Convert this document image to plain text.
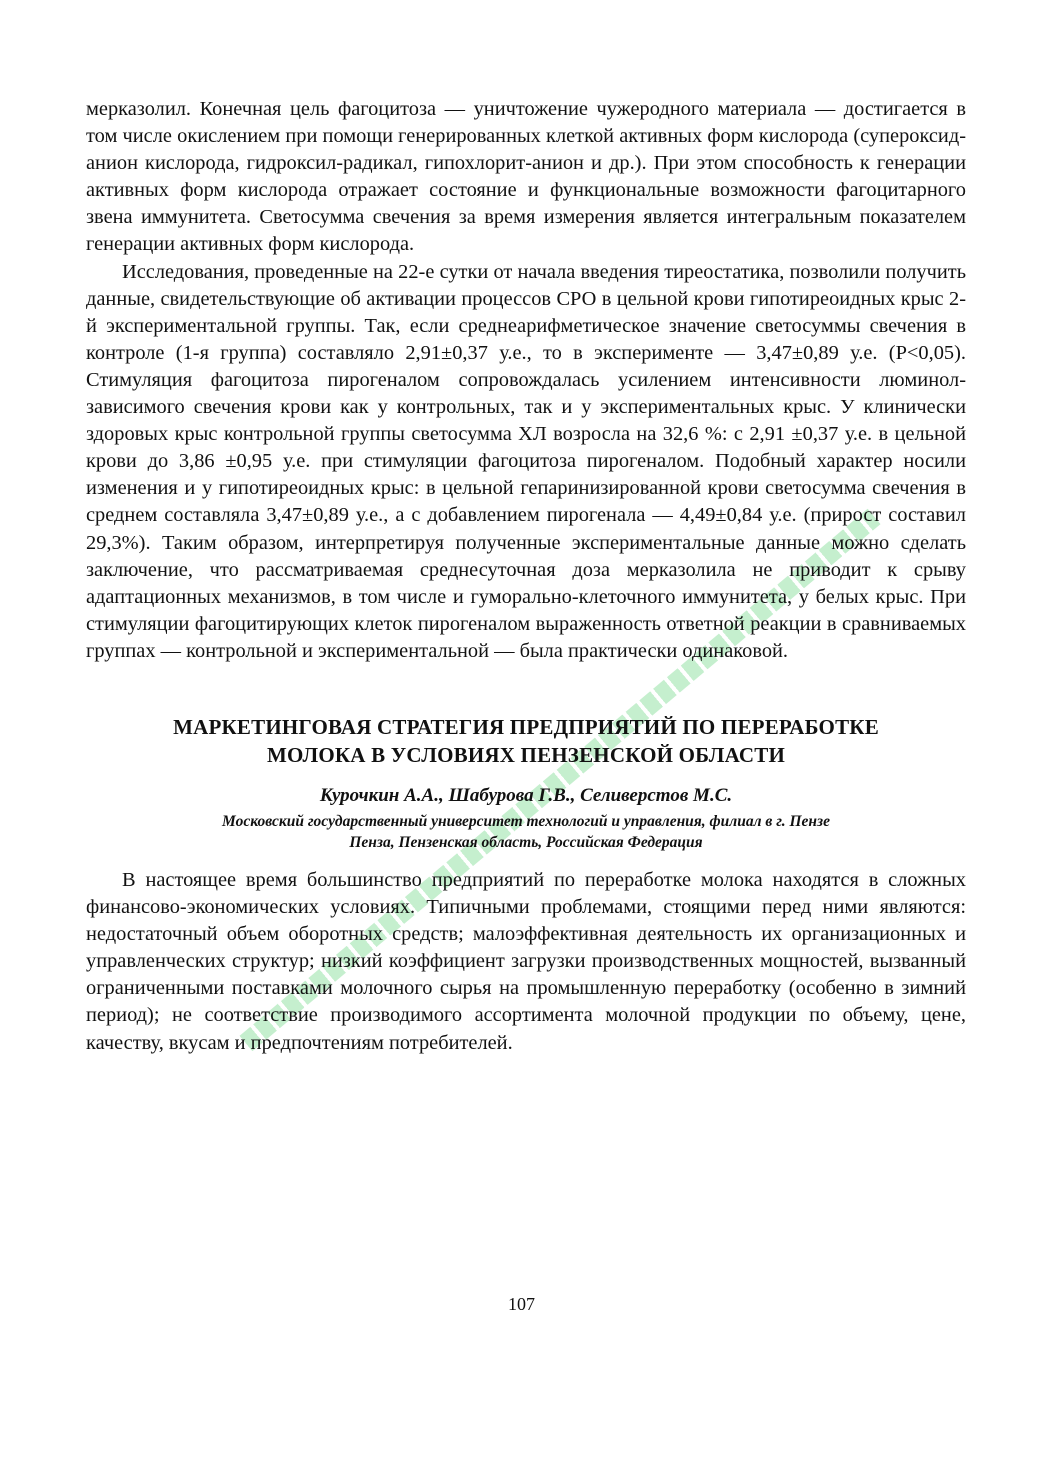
мерказолил. Конечная цель фагоцитоза — уничтожение чужеродного материала — достигается в том числе окислением при помощи генерированных клеткой активных форм кислорода (супероксид-анион кислорода, гидроксил-радикал, гипохлорит-анион и др.). При этом способность к генерации активных форм кислорода отражает состояние и функциональные возможности фагоцитарного звена иммунитета. Светосумма свечения за время измерения является интегральным показателем генерации активных форм кислорода.

Исследования, проведенные на 22-е сутки от начала введения тиреостатика, позволили получить данные, свидетельствующие об активации процессов СРО в цельной крови гипотиреоидных крыс 2-й экспериментальной группы. Так, если среднеарифметическое значение светосуммы свечения в контроле (1-я группа) составляло 2,91±0,37 у.е., то в эксперименте — 3,47±0,89 у.е. (Р<0,05). Стимуляция фагоцитоза пирогеналом сопровождалась усилением интенсивности люминол-зависимого свечения крови как у контрольных, так и у экспериментальных крыс. У клинически здоровых крыс контрольной группы светосумма ХЛ возросла на 32,6 %: с 2,91 ±0,37 у.е. в цельной крови до 3,86 ±0,95 у.е. при стимуляции фагоцитоза пирогеналом. Подобный характер носили изменения и у гипотиреоидных крыс: в цельной гепаринизированной крови светосумма свечения в среднем составляла 3,47±0,89 у.е., а с добавлением пирогенала — 4,49±0,84 у.е. (прирост составил 29,3%). Таким образом, интерпретируя полученные экспериментальные данные можно сделать заключение, что рассматриваемая среднесуточная доза мерказолила не приводит к срыву адаптационных механизмов, в том числе и гуморально-клеточного иммунитета, у белых крыс. При стимуляции фагоцитирующих клеток пирогеналом выраженность ответной реакции в сравниваемых группах — контрольной и экспериментальной — была практически одинаковой.

МАРКЕТИНГОВАЯ СТРАТЕГИЯ ПРЕДПРИЯТИЙ ПО ПЕРЕРАБОТКЕ
МОЛОКА В УСЛОВИЯХ ПЕНЗЕНСКОЙ ОБЛАСТИ

Курочкин А.А., Шабурова Г.В., Селиверстов М.С.

Московский государственный университет технологий и управления, филиал в г. Пензе
Пенза, Пензенская область, Российская Федерация

В настоящее время большинство предприятий по переработке молока находятся в сложных финансово-экономических условиях. Типичными проблемами, стоящими перед ними являются: недостаточный объем оборотных средств; малоэффективная деятельность их организационных и управленческих структур; низкий коэффициент загрузки производственных мощностей, вызванный ограниченными поставками молочного сырья на промышленную переработку (особенно в зимний период); не соответствие производимого ассортимента молочной продукции по объему, цене, качеству, вкусам и предпочтениям потребителей.

107
